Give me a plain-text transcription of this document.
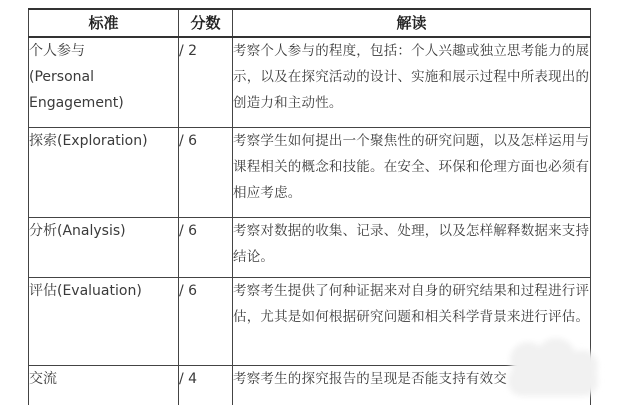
标准	分数	解读

个人参与
(Personal
Engagement)	/ 2	考察个人参与的程度，包括：个人兴趣或独立思考能力的展示，以及在探究活动的设计、实施和展示过程中所表现出的创造力和主动性。

探索(Exploration)	/ 6	考察学生如何提出一个聚焦性的研究问题，以及怎样运用与课程相关的概念和技能。在安全、环保和伦理方面也必须有相应考虑。

分析(Analysis)	/ 6	考察对数据的收集、记录、处理，以及怎样解释数据来支持结论。

评估(Evaluation)	/ 6	考察考生提供了何种证据来对自身的研究结果和过程进行评估，尤其是如何根据研究问题和相关科学背景来进行评估。

交流	/ 4	考察考生的探究报告的呈现是否能支持有效交
